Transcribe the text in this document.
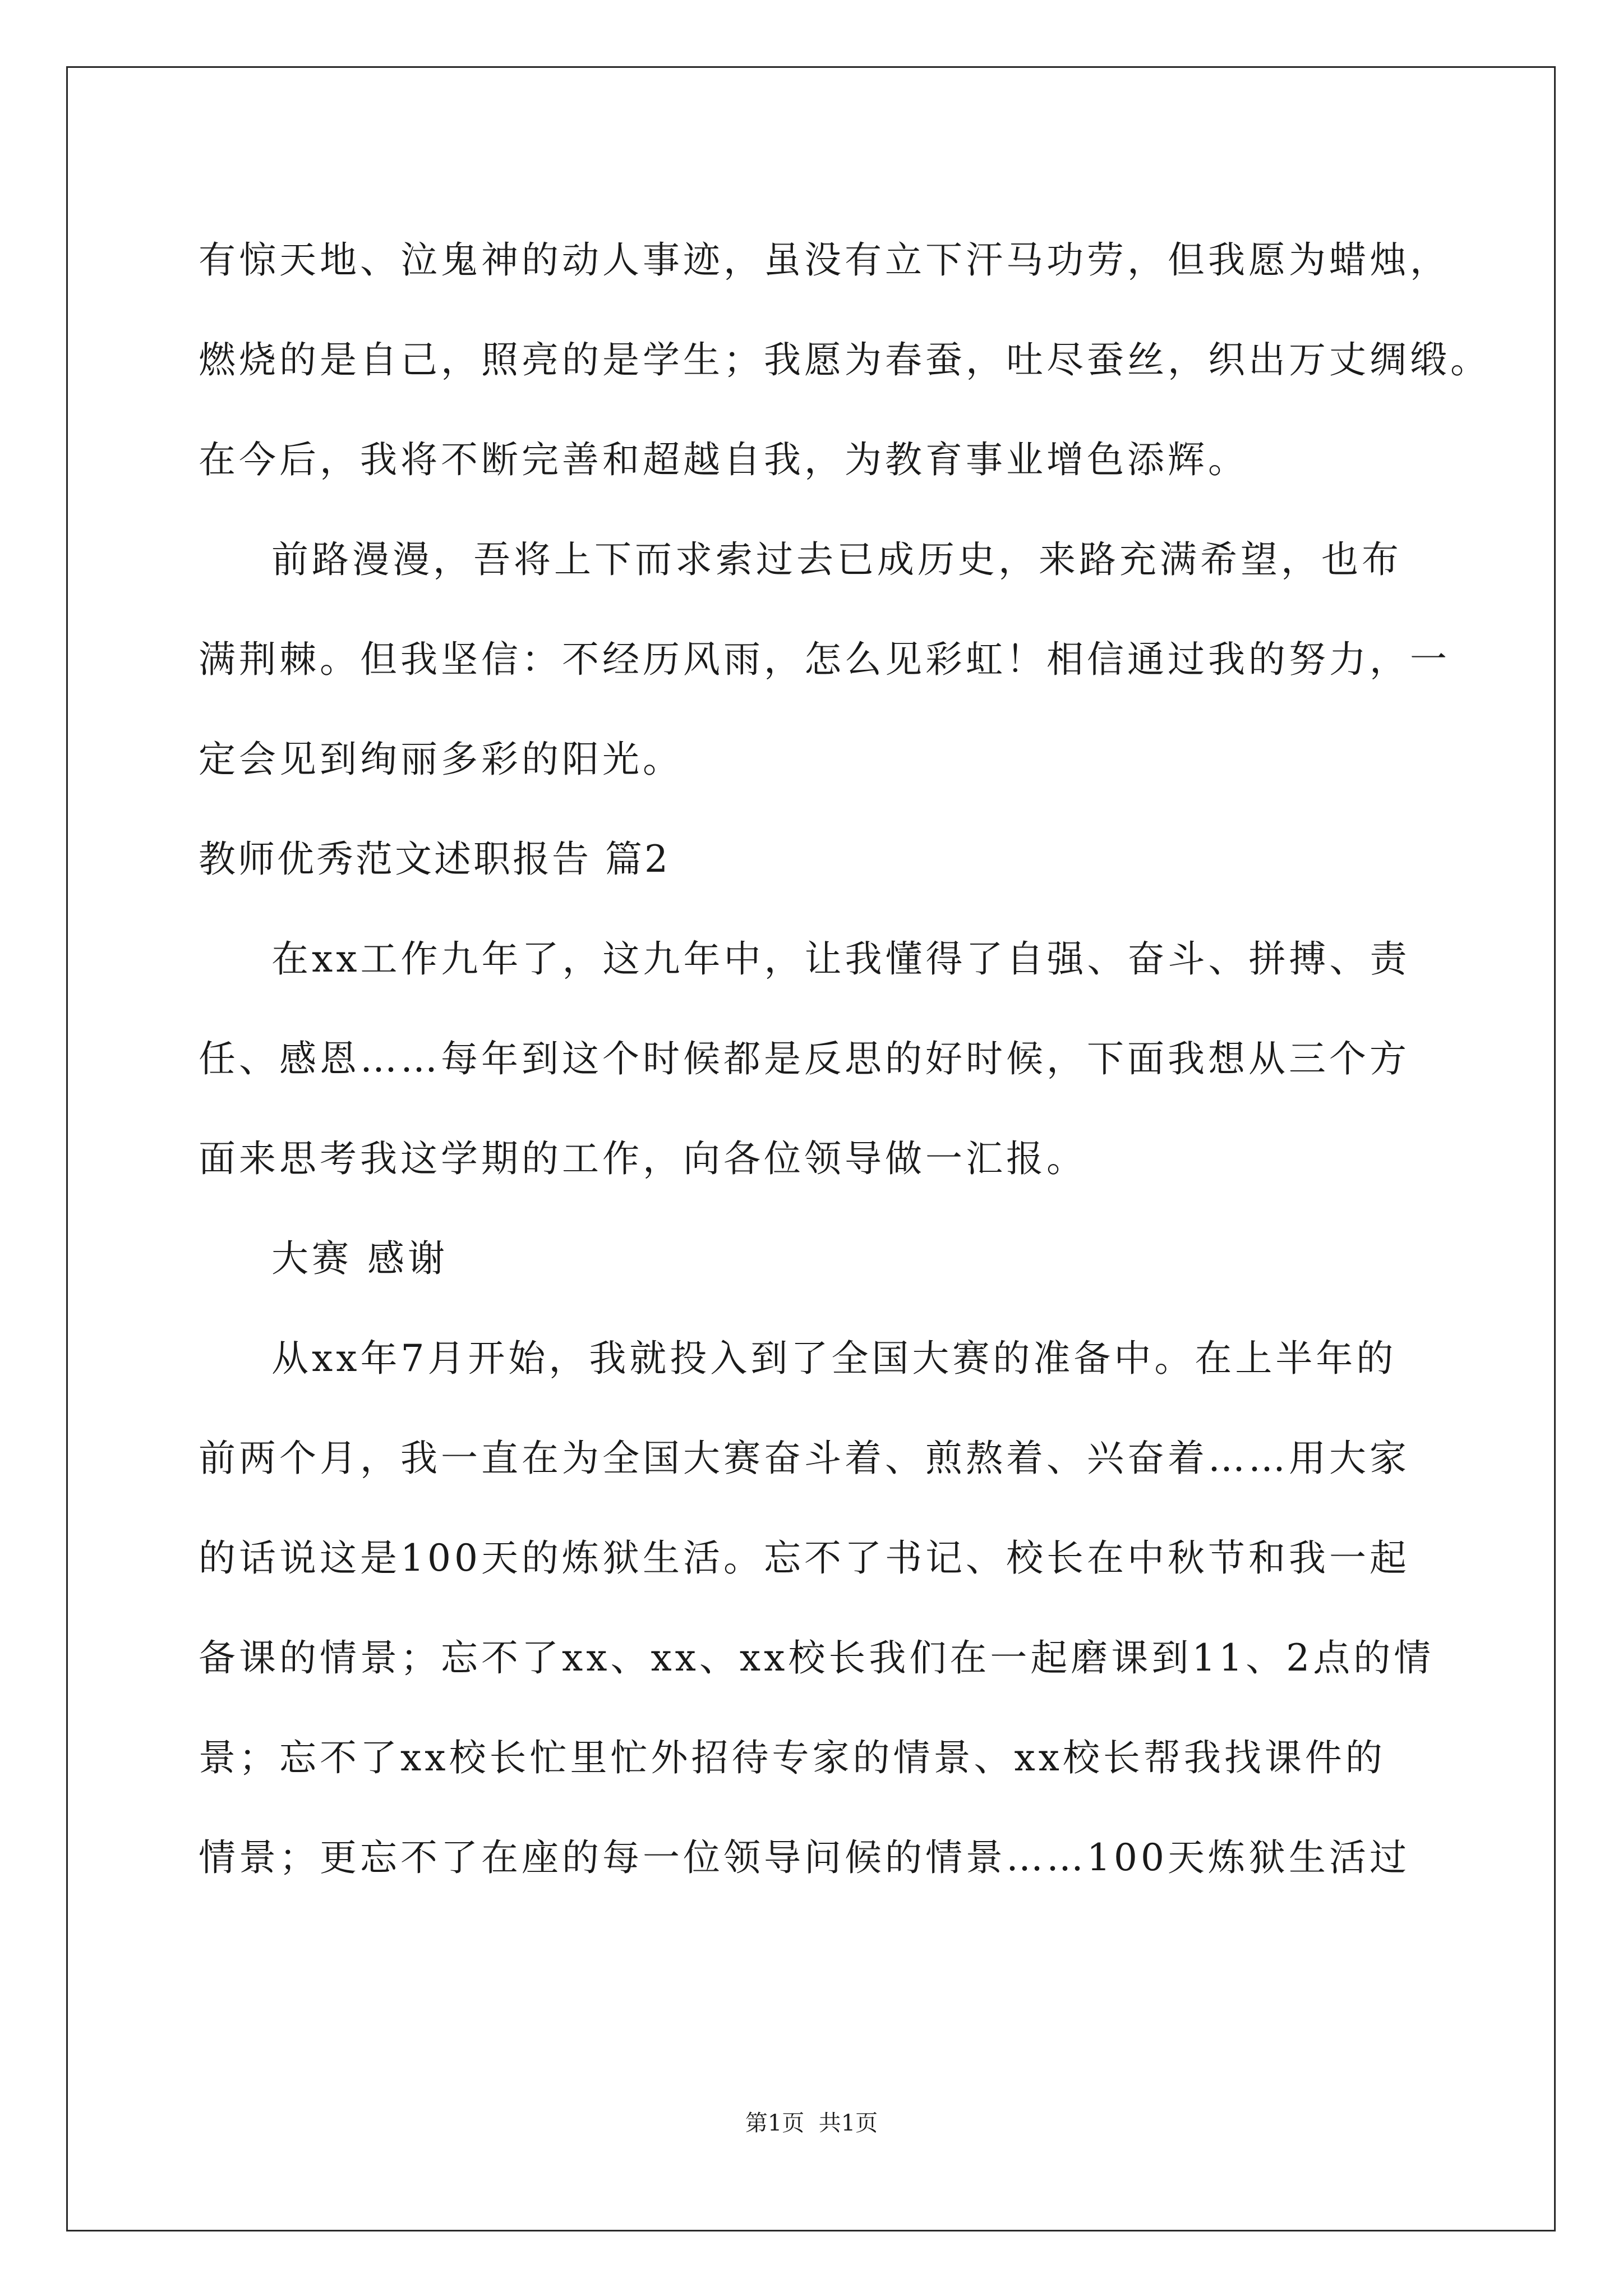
有惊天地、泣鬼神的动人事迹，虽没有立下汗马功劳，但我愿为蜡烛，
燃烧的是自己，照亮的是学生；我愿为春蚕，吐尽蚕丝，织出万丈绸缎。
在今后，我将不断完善和超越自我，为教育事业增色添辉。
前路漫漫，吾将上下而求索过去已成历史，来路充满希望，也布
满荆棘。但我坚信：不经历风雨，怎么见彩虹！相信通过我的努力，一
定会见到绚丽多彩的阳光。
教师优秀范文述职报告 篇2
在xx工作九年了，这九年中，让我懂得了自强、奋斗、拼搏、责
任、感恩……每年到这个时候都是反思的好时候，下面我想从三个方
面来思考我这学期的工作，向各位领导做一汇报。
大赛 感谢
从xx年7月开始，我就投入到了全国大赛的准备中。在上半年的
前两个月，我一直在为全国大赛奋斗着、煎熬着、兴奋着……用大家
的话说这是100天的炼狱生活。忘不了书记、校长在中秋节和我一起
备课的情景；忘不了xx、xx、xx校长我们在一起磨课到11、2点的情
景；忘不了xx校长忙里忙外招待专家的情景、xx校长帮我找课件的
情景；更忘不了在座的每一位领导问候的情景……100天炼狱生活过
第1页  共1页
